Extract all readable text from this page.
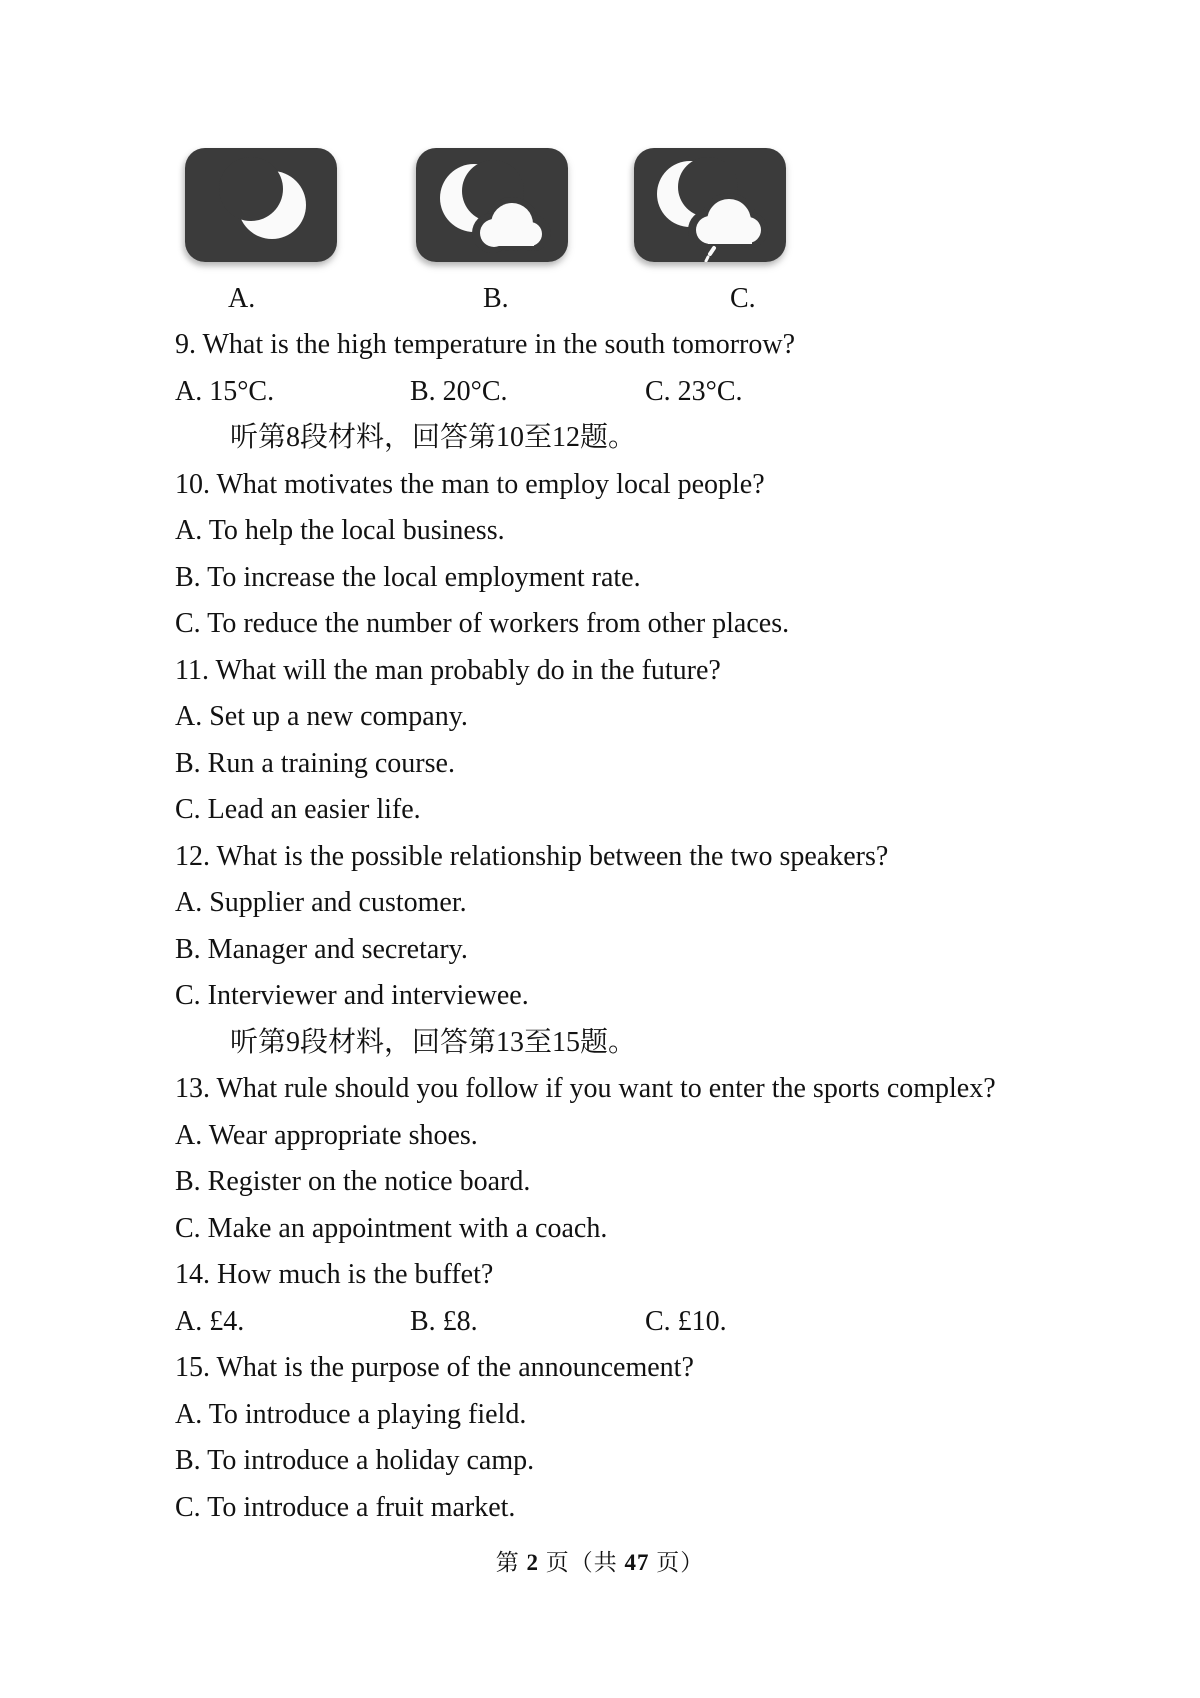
A.	B.	C.
9. What is the high temperature in the south tomorrow?
A. 15°C.	B. 20°C.	C. 23°C.
听第8段材料，回答第10至12题。
10. What motivates the man to employ local people?
A. To help the local business.
B. To increase the local employment rate.
C. To reduce the number of workers from other places.
11. What will the man probably do in the future?
A. Set up a new company.
B. Run a training course.
C. Lead an easier life.
12. What is the possible relationship between the two speakers?
A. Supplier and customer.
B. Manager and secretary.
C. Interviewer and interviewee.
听第9段材料，回答第13至15题。
13. What rule should you follow if you want to enter the sports complex?
A. Wear appropriate shoes.
B. Register on the notice board.
C. Make an appointment with a coach.
14. How much is the buffet?
A. £4.	B. £8.	C. £10.
15. What is the purpose of the announcement?
A. To introduce a playing field.
B. To introduce a holiday camp.
C. To introduce a fruit market.
第 2 页（共 47 页）
